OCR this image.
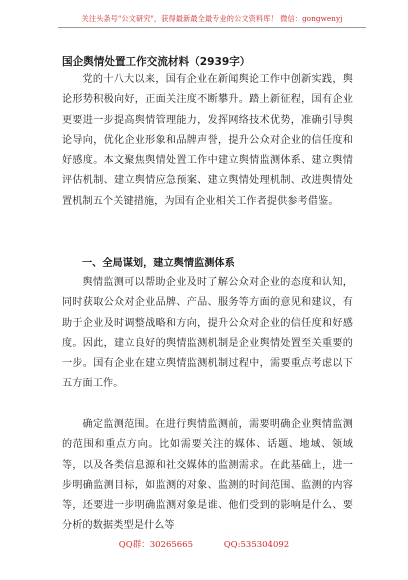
关注头条号"公文研究"，获得最新最全最专业的公文资料库！ 微信：gongwenyj
国企舆情处置工作交流材料（2939字）

党的十八大以来，国有企业在新闻舆论工作中创新实践，舆论形势积极向好，正面关注度不断攀升。踏上新征程，国有企业更要进一步提高舆情管理能力，发挥网络技术优势，准确引导舆论导向，优化企业形象和品牌声誉，提升公众对企业的信任度和好感度。本文聚焦舆情处置工作中建立舆情监测体系、建立舆情评估机制、建立舆情应急预案、建立舆情处理机制、改进舆情处置机制五个关键措施，为国有企业相关工作者提供参考借鉴。

一、全局谋划，建立舆情监测体系

舆情监测可以帮助企业及时了解公众对企业的态度和认知，同时获取公众对企业品牌、产品、服务等方面的意见和建议，有助于企业及时调整战略和方向，提升公众对企业的信任度和好感度。因此，建立良好的舆情监测机制是企业舆情处置至关重要的一步。国有企业在建立舆情监测机制过程中，需要重点考虑以下五方面工作。

确定监测范围。在进行舆情监测前，需要明确企业舆情监测的范围和重点方向。比如需要关注的媒体、话题、地域、领域等，以及各类信息源和社交媒体的监测需求。在此基础上，进一步明确监测目标，如监测的对象、监测的时间范围、监测的内容等，还要进一步明确监测对象是谁、他们受到的影响是什么、要分析的数据类型是什么等

QQ群：30265665	QQ:535304092
